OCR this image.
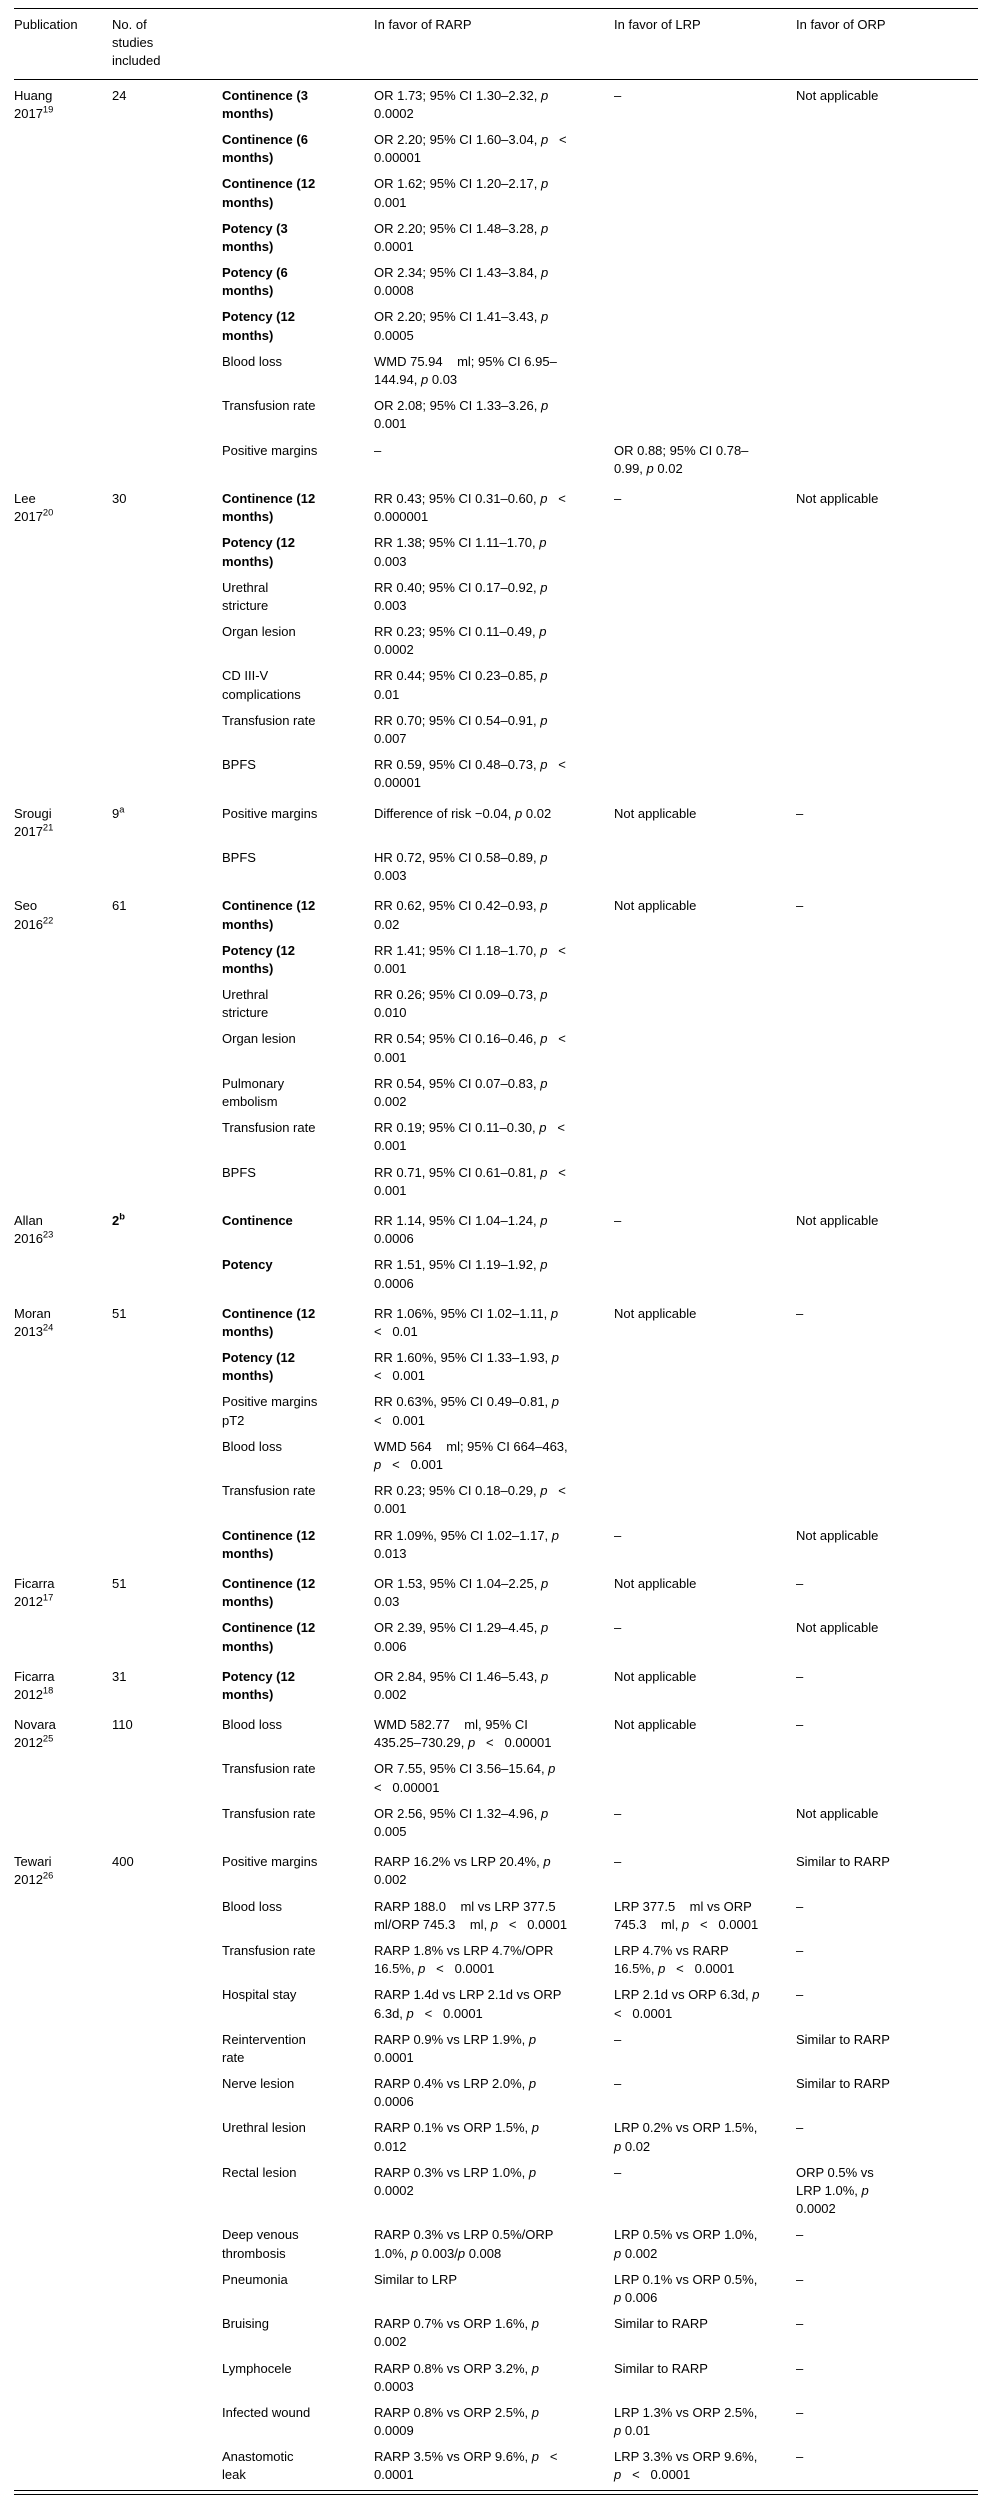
Publication	No. of studies included		In favor of RARP	In favor of LRP	In favor of ORP

Huang
2017$^{19}$	24	Continence (3 months)	OR 1.73; 95% CI 1.30–2.32, p 0.0002	–	Not applicable
		Continence (6 months)	OR 2.20; 95% CI 1.60–3.04, p   <   0.00001		
		Continence (12 months)	OR 1.62; 95% CI 1.20–2.17, p 0.001		
		Potency (3 months)	OR 2.20; 95% CI 1.48–3.28, p 0.0001		
		Potency (6 months)	OR 2.34; 95% CI 1.43–3.84, p 0.0008		
		Potency (12 months)	OR 2.20; 95% CI 1.41–3.43, p 0.0005		
		Blood loss	WMD 75.94    ml; 95% CI 6.95–144.94, p 0.03		
		Transfusion rate	OR 2.08; 95% CI 1.33–3.26, p 0.001		
		Positive margins	–	OR 0.88; 95% CI 0.78–0.99, p 0.02	

Lee
2017$^{20}$	30	Continence (12 months)	RR 0.43; 95% CI 0.31–0.60, p   <   0.000001	–	Not applicable
		Potency (12 months)	RR 1.38; 95% CI 1.11–1.70, p 0.003		
		Urethral stricture	RR 0.40; 95% CI 0.17–0.92, p 0.003		
		Organ lesion	RR 0.23; 95% CI 0.11–0.49, p 0.0002		
		CD III-V complications	RR 0.44; 95% CI 0.23–0.85, p 0.01		
		Transfusion rate	RR 0.70; 95% CI 0.54–0.91, p 0.007		
		BPFS	RR 0.59, 95% CI 0.48–0.73, p   <   0.00001		

Srougi
2017$^{21}$	9$^a$	Positive margins	Difference of risk −0.04, p 0.02	Not applicable	–
		BPFS	HR 0.72, 95% CI 0.58–0.89, p 0.003		

Seo
2016$^{22}$	61	Continence (12 months)	RR 0.62, 95% CI 0.42–0.93, p 0.02	Not applicable	–
		Potency (12 months)	RR 1.41; 95% CI 1.18–1.70, p   <   0.001		
		Urethral stricture	RR 0.26; 95% CI 0.09–0.73, p 0.010		
		Organ lesion	RR 0.54; 95% CI 0.16–0.46, p   <   0.001		
		Pulmonary embolism	RR 0.54, 95% CI 0.07–0.83, p 0.002		
		Transfusion rate	RR 0.19; 95% CI 0.11–0.30, p   <   0.001		
		BPFS	RR 0.71, 95% CI 0.61–0.81, p   <   0.001		

Allan
2016$^{23}$	2$^b$	Continence	RR 1.14, 95% CI 1.04–1.24, p 0.0006	–	Not applicable
		Potency	RR 1.51, 95% CI 1.19–1.92, p 0.0006		

Moran
2013$^{24}$	51	Continence (12 months)	RR 1.06%, 95% CI 1.02–1.11, p   <   0.01	Not applicable	–
		Potency (12 months)	RR 1.60%, 95% CI 1.33–1.93, p   <   0.001		
		Positive margins pT2	RR 0.63%, 95% CI 0.49–0.81, p   <   0.001		
		Blood loss	WMD 564    ml; 95% CI 664–463, p   <   0.001		
		Transfusion rate	RR 0.23; 95% CI 0.18–0.29, p   <   0.001		
		Continence (12 months)	RR 1.09%, 95% CI 1.02–1.17, p 0.013	–	Not applicable

Ficarra
2012$^{17}$	51	Continence (12 months)	OR 1.53, 95% CI 1.04–2.25, p 0.03	Not applicable	–
		Continence (12 months)	OR 2.39, 95% CI 1.29–4.45, p 0.006	–	Not applicable

Ficarra
2012$^{18}$	31	Potency (12 months)	OR 2.84, 95% CI 1.46–5.43, p 0.002	Not applicable	–

Novara
2012$^{25}$	110	Blood loss	WMD 582.77    ml, 95% CI 435.25–730.29, p   <   0.00001	Not applicable	–
		Transfusion rate	OR 7.55, 95% CI 3.56–15.64, p   <   0.00001		
		Transfusion rate	OR 2.56, 95% CI 1.32–4.96, p 0.005	–	Not applicable

Tewari
2012$^{26}$	400	Positive margins	RARP 16.2% vs LRP 20.4%, p 0.002	–	Similar to RARP
		Blood loss	RARP 188.0    ml vs LRP 377.5    ml/ORP 745.3    ml, p   <   0.0001	LRP 377.5    ml vs ORP 745.3    ml, p   <   0.0001	–
		Transfusion rate	RARP 1.8% vs LRP 4.7%/OPR 16.5%, p   <   0.0001	LRP 4.7% vs RARP 16.5%, p   <   0.0001	–
		Hospital stay	RARP 1.4d vs LRP 2.1d vs ORP 6.3d, p   <   0.0001	LRP 2.1d vs ORP 6.3d, p   <   0.0001	–
		Reintervention rate	RARP 0.9% vs LRP 1.9%, p 0.0001	–	Similar to RARP
		Nerve lesion	RARP 0.4% vs LRP 2.0%, p 0.0006	–	Similar to RARP
		Urethral lesion	RARP 0.1% vs ORP 1.5%, p 0.012	LRP 0.2% vs ORP 1.5%, p 0.02	–
		Rectal lesion	RARP 0.3% vs LRP 1.0%, p 0.0002	–	ORP 0.5% vs LRP 1.0%, p 0.0002
		Deep venous thrombosis	RARP 0.3% vs LRP 0.5%/ORP 1.0%, p 0.003/p 0.008	LRP 0.5% vs ORP 1.0%, p 0.002	–
		Pneumonia	Similar to LRP	LRP 0.1% vs ORP 0.5%, p 0.006	–
		Bruising	RARP 0.7% vs ORP 1.6%, p 0.002	Similar to RARP	–
		Lymphocele	RARP 0.8% vs ORP 3.2%, p 0.0003	Similar to RARP	–
		Infected wound	RARP 0.8% vs ORP 2.5%, p 0.0009	LRP 1.3% vs ORP 2.5%, p 0.01	–
		Anastomotic leak	RARP 3.5% vs ORP 9.6%, p   <   0.0001	LRP 3.3% vs ORP 9.6%, p   <   0.0001	–
